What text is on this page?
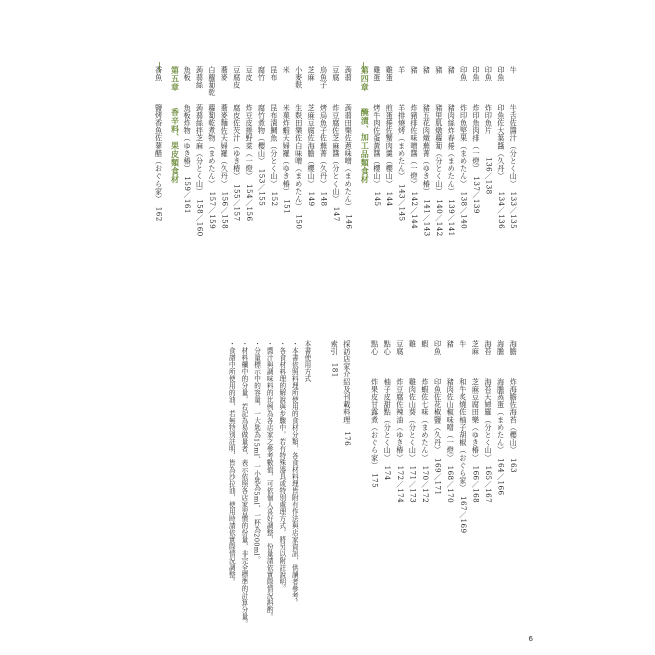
牛　　　　牛舌佐醬汁（分とく山）　133／135
印魚　　　印魚佐大葉醬（久丹）　　134／136
印魚　　　炸印魚片　　　136／138
印魚　　　炸印魚肉排（一燈）　137／139
印魚　　　炸印魚堅果（まめたん）　138／140
豬　　　　豬肉絲炸春捲（まめたん）　139／141
豬　　　　豬里肌燉蘿蔔（分とく山）　140／142
豬　　　　豬五花肉燉蕪菁（ゆき椿）　141／143
豬　　　　炸豬排佐味噌醬（一燈）　142／144
羊　　　　羊排燒烤（まめたん）　143／145
雞蛋　　　煎蛋捲佐蟹肉羹（櫻山）　144
雞蛋　　　烤牛肉佐蛋黃醬（櫻山）　145
第四章　　醃漬、加工品類食材
蒟蒻　　　蒟蒻田樂佐蔥味噌（まめたん）　146
豆腐　　　炸豆腐佐芝麻醬（分とく山）　147
烏魚子　　烤烏魚子佐蕪菁（久丹）　148
芝麻　　　芝麻豆腐佐海膽（櫻山）　149
小麥麩　　生麩田樂佐白味噌（まめたん）　150
米　　　　米菓炸蝦天婦羅（ゆき椿）　151
昆布　　　昆布漬鯛魚（分とく山）　152
腐竹　　　腐竹煮物（櫻山）　153／155
豆皮　　　炸豆皮捲野菜（一燈）　154／156
豆腐皮　　腐皮佐芡汁（ゆき椿）　155／157
蕎麥　　　蕎麥麵佐天婦羅（久丹）　156／158
白蘿蔔乾　蘿蔔乾煮物（まめたん）　157／159
蒟蒻絲　　蒟蒻絲拌芝麻（分とく山）　158／160
魚板　　　魚板炸物（ゆき椿）　159／161
第五章　　香辛料、果皮類食材
香魚　　　鹽烤香魚佐蓼醋（おぐら家）　162
海膽　　　炸海膽佐海苔（櫻山）　163
海膽　　　海膽蒸蛋（まめたん）　164／166
海苔　　　海苔天婦羅（分とく山）　165／167
芝麻　　　芝麻豆腐田樂（ゆき椿）　166／168
牛　　　　和牛炙燒佐柚子胡椒（おぐら家）　167／169
豬　　　　豬肉佐山椒味噌（一燈）　168／170
印魚　　　印魚佐花椒鹽（久丹）　169／171
蝦　　　　炸蝦佐七味（まめたん）　170／172
雞　　　　雞肉佐山葵（分とく山）　171／173
豆腐　　　炸豆腐佐辣油（ゆき椿）　172／174
點心　　　柚子皮甜點（分とく山）　174
點心　　　炸果皮甘露煮（おぐら家）　175
採訪店家介紹及刊載料理　176
索引　181
本書使用方式
・本書依照料理所使用的食材分類，各食材料理皆附有作法與店家資訊，供讀者參考。
・各食材料理的解說與步驟中，若有特殊器具或特別處理方式，將另以附註說明。
・醬汁與調味料的比例為各店家之參考數值，可依個人喜好調整，份量請依實際情況斟酌。
・分量標示中的容量，一大匙為15ml、一小匙為5ml、一杯為200ml。
・材料欄中的分量，若記為易做量者，表示依照各店家習慣的份量，非完全標準的計算分量。
・食譜中所使用的油，若無特別註明，皆為沙拉油，使用時請依實際情況調整。
6
